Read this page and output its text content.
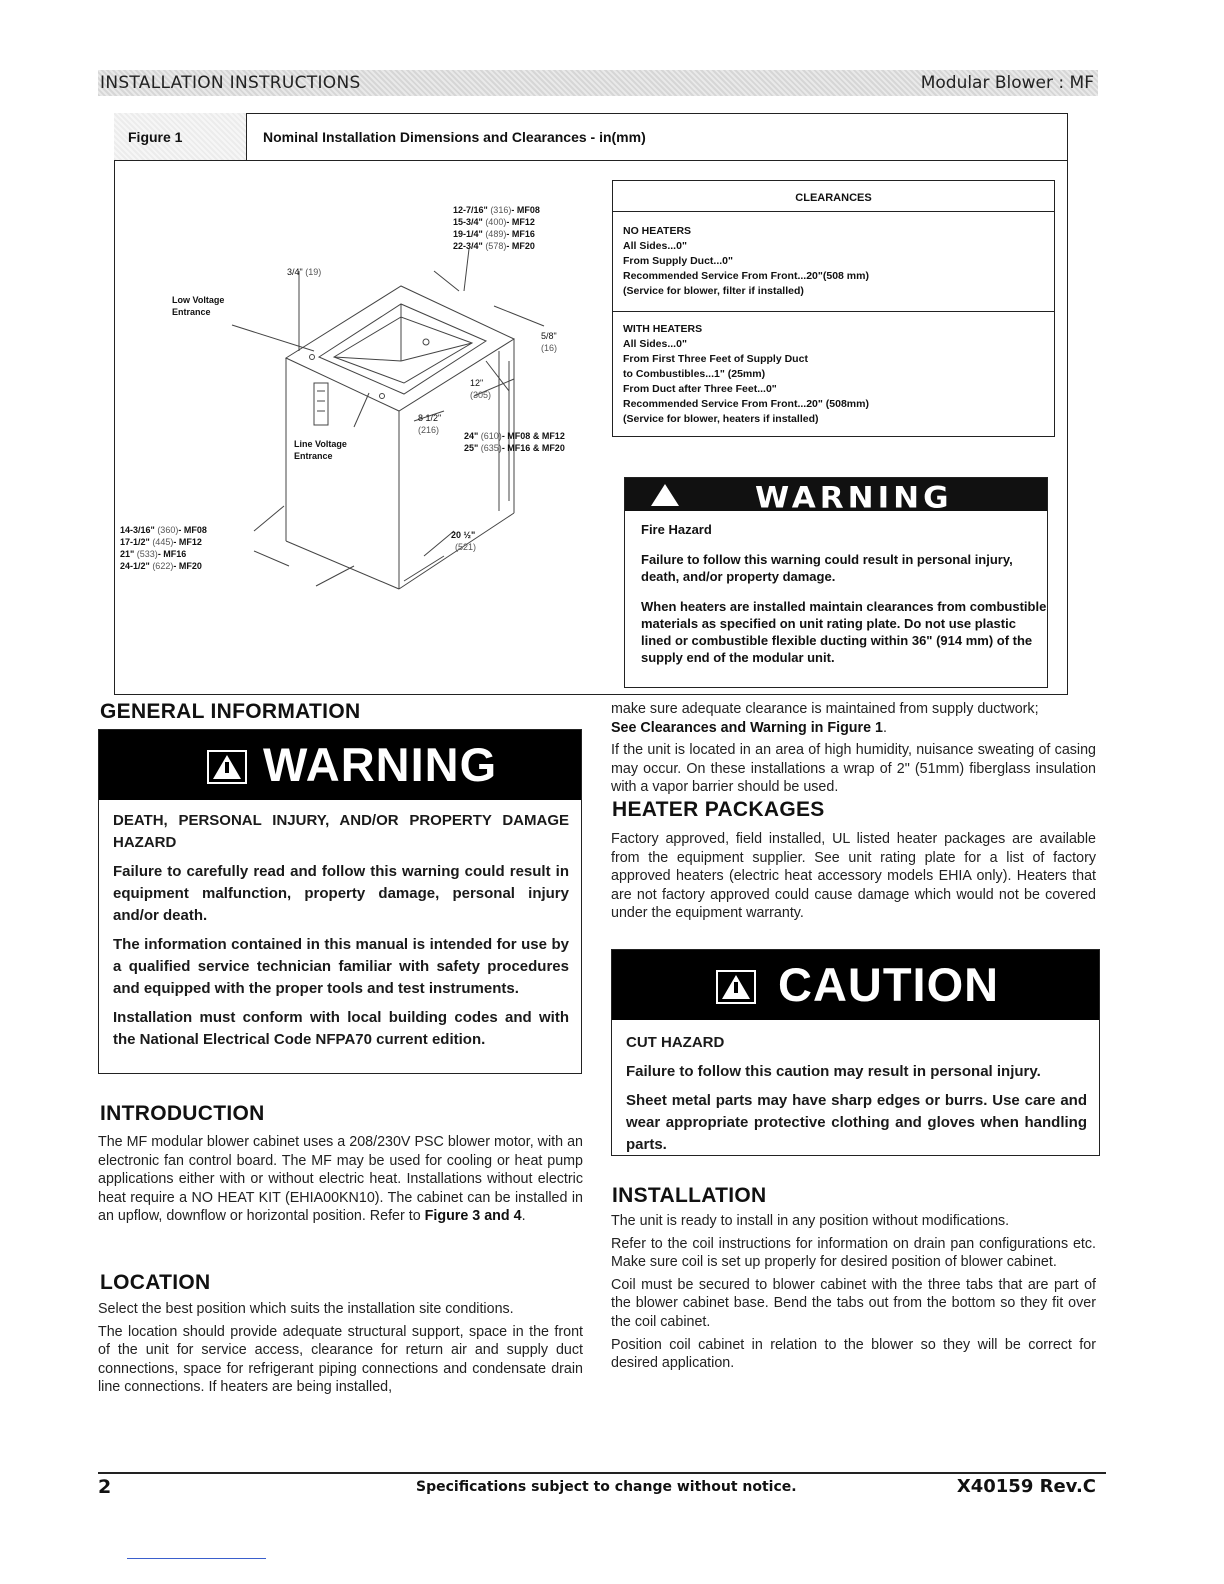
INSTALLATION INSTRUCTIONS	Modular Blower : MF
Figure 1	Nominal Installation Dimensions and Clearances - in(mm)
12-7/16" (316)- MF08
15-3/4" (400)- MF12
19-1/4" (489)- MF16
22-3/4" (578)- MF20
3/4" (19)
Low Voltage
Entrance
5/8"
(16)
12"
(305)
8 1/2"
(216)
Line Voltage
Entrance
24" (610)- MF08 & MF12
25" (635)- MF16 & MF20
14-3/16" (360)- MF08
17-1/2" (445)- MF12
21" (533)- MF16
24-1/2" (622)- MF20
20 ½"
(521)
CLEARANCES
NO HEATERS
All Sides...0"
From Supply Duct...0"
Recommended Service From Front...20"(508 mm)
(Service for blower, filter if installed)
WITH HEATERS
All Sides...0"
From First Three Feet of Supply Duct
to Combustibles...1" (25mm)
From Duct after Three Feet...0"
Recommended Service From Front...20" (508mm)
(Service for blower, heaters if installed)
WARNING

Fire Hazard

Failure to follow this warning could result in personal injury, death, and/or property damage.

When heaters are installed maintain clearances from combustible materials as specified on unit rating plate. Do not use plastic lined or combustible flexible ducting within 36" (914 mm) of the supply end of the modular unit.

GENERAL INFORMATION
WARNING

DEATH, PERSONAL INJURY, AND/OR PROPERTY DAMAGE HAZARD

Failure to carefully read and follow this warning could result in equipment malfunction, property damage, personal injury and/or death.

The information contained in this manual is intended for use by a qualified service technician familiar with safety procedures and equipped with the proper tools and test instruments.

Installation must conform with local building codes and with the National Electrical Code NFPA70 current edition.

INTRODUCTION

The MF modular blower cabinet uses a 208/230V PSC blower motor, with an electronic fan control board. The MF may be used for cooling or heat pump applications either with or without electric heat. Installations without electric heat require a NO HEAT KIT (EHIA00KN10). The cabinet can be installed in an upflow, downflow or horizontal position. Refer to Figure 3 and 4.

LOCATION

Select the best position which suits the installation site conditions.

The location should provide adequate structural support, space in the front of the unit for service access, clearance for return air and supply duct connections, space for refrigerant piping connections and condensate drain line connections. If heaters are being installed,

make sure adequate clearance is maintained from supply ductwork;
See Clearances and Warning in Figure 1.

If the unit is located in an area of high humidity, nuisance sweating of casing may occur. On these installations a wrap of 2" (51mm) fiberglass insulation with a vapor barrier should be used.

HEATER PACKAGES

Factory approved, field installed, UL listed heater packages are available from the equipment supplier. See unit rating plate for a list of factory approved heaters (electric heat accessory models EHIA only). Heaters that are not factory approved could cause damage which would not be covered under the equipment warranty.

CAUTION

CUT HAZARD

Failure to follow this caution may result in personal injury.

Sheet metal parts may have sharp edges or burrs. Use care and wear appropriate protective clothing and gloves when handling parts.

INSTALLATION

The unit is ready to install in any position without modifications.

Refer to the coil instructions for information on drain pan configurations etc. Make sure coil is set up properly for desired position of blower cabinet.

Coil must be secured to blower cabinet with the three tabs that are part of the blower cabinet base. Bend the tabs out from the bottom so they fit over the coil cabinet.

Position coil cabinet in relation to the blower so they will be correct for desired application.

2	Specifications subject to change without notice.	X40159 Rev.C
